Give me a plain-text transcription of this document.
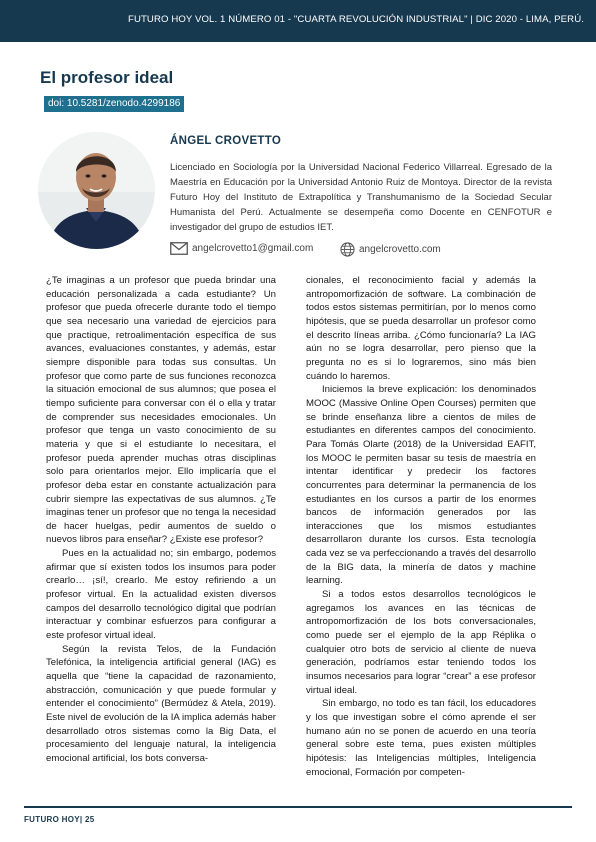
FUTURO HOY VOL. 1 NÚMERO 01 - "CUARTA REVOLUCIÓN INDUSTRIAL" | DIC 2020 - LIMA, PERÚ.
El profesor ideal
doi: 10.5281/zenodo.4299186
ÁNGEL CROVETTO

Licenciado en Sociología por la Universidad Nacional Federico Villarreal. Egresado de la Maestría en Educación por la Universidad Antonio Ruiz de Montoya. Director de la revista Futuro Hoy del Instituto de Extrapolítica y Transhumanismo de la Sociedad Secular Humanista del Perú. Actualmente se desempeña como Docente en CENFOTUR e investigador del grupo de estudios IET.

angelcrovetto1@gmail.com	angelcrovetto.com

¿Te imaginas a un profesor que pueda brindar una educación personalizada a cada estudiante? Un profesor que pueda ofrecerle durante todo el tiempo que sea necesario una variedad de ejercicios para que practique, retroalimentación específica de sus avances, evaluaciones constantes, y además, estar siempre disponible para todas sus consultas. Un profesor que como parte de sus funciones reconozca la situación emocional de sus alumnos; que posea el tiempo suficiente para conversar con él o ella y tratar de comprender sus necesidades emocionales. Un profesor que tenga un vasto conocimiento de su materia y que si el estudiante lo necesitara, el profesor pueda aprender muchas otras disciplinas solo para orientarlos mejor. Ello implicaría que el profesor deba estar en constante actualización para cubrir siempre las expectativas de sus alumnos. ¿Te imaginas tener un profesor que no tenga la necesidad de hacer huelgas, pedir aumentos de sueldo o nuevos libros para enseñar? ¿Existe ese profesor?

Pues en la actualidad no; sin embargo, podemos afirmar que sí existen todos los insumos para poder crearlo… ¡sí!, crearlo. Me estoy refiriendo a un profesor virtual. En la actualidad existen diversos campos del desarrollo tecnológico digital que podrían interactuar y combinar esfuerzos para configurar a este profesor virtual ideal.

Según la revista Telos, de la Fundación Telefónica, la inteligencia artificial general (IAG) es aquella que “tiene la capacidad de razonamiento, abstracción, comunicación y que puede formular y entender el conocimiento” (Bermúdez & Atela, 2019). Este nivel de evolución de la IA implica además haber desarrollado otros sistemas como la Big Data, el procesamiento del lenguaje natural, la inteligencia emocional artificial, los bots conversa-

cionales, el reconocimiento facial y además la antropomorfización de software. La combinación de todos estos sistemas permitirían, por lo menos como hipótesis, que se pueda desarrollar un profesor como el descrito líneas arriba. ¿Cómo funcionaría? La IAG aún no se logra desarrollar, pero pienso que la pregunta no es si lo lograremos, sino más bien cuándo lo haremos.

Iniciemos la breve explicación: los denominados MOOC (Massive Online Open Courses) permiten que se brinde enseñanza libre a cientos de miles de estudiantes en diferentes campos del conocimiento. Para Tomás Olarte (2018) de la Universidad EAFIT, los MOOC le permiten basar su tesis de maestría en intentar identificar y predecir los factores concurrentes para determinar la permanencia de los estudiantes en los cursos a partir de los enormes bancos de información generados por las interacciones que los mismos estudiantes desarrollaron durante los cursos. Esta tecnología cada vez se va perfeccionando a través del desarrollo de la BIG data, la minería de datos y machine learning.

Si a todos estos desarrollos tecnológicos le agregamos los avances en las técnicas de antropomorfización de los bots conversacionales, como puede ser el ejemplo de la app Réplika o cualquier otro bots de servicio al cliente de nueva generación, podríamos estar teniendo todos los insumos necesarios para lograr “crear” a ese profesor virtual ideal.

Sin embargo, no todo es tan fácil, los educadores y los que investigan sobre el cómo aprende el ser humano aún no se ponen de acuerdo en una teoría general sobre este tema, pues existen múltiples hipótesis: las Inteligencias múltiples, Inteligencia emocional, Formación por competen-

FUTURO HOY| 25
